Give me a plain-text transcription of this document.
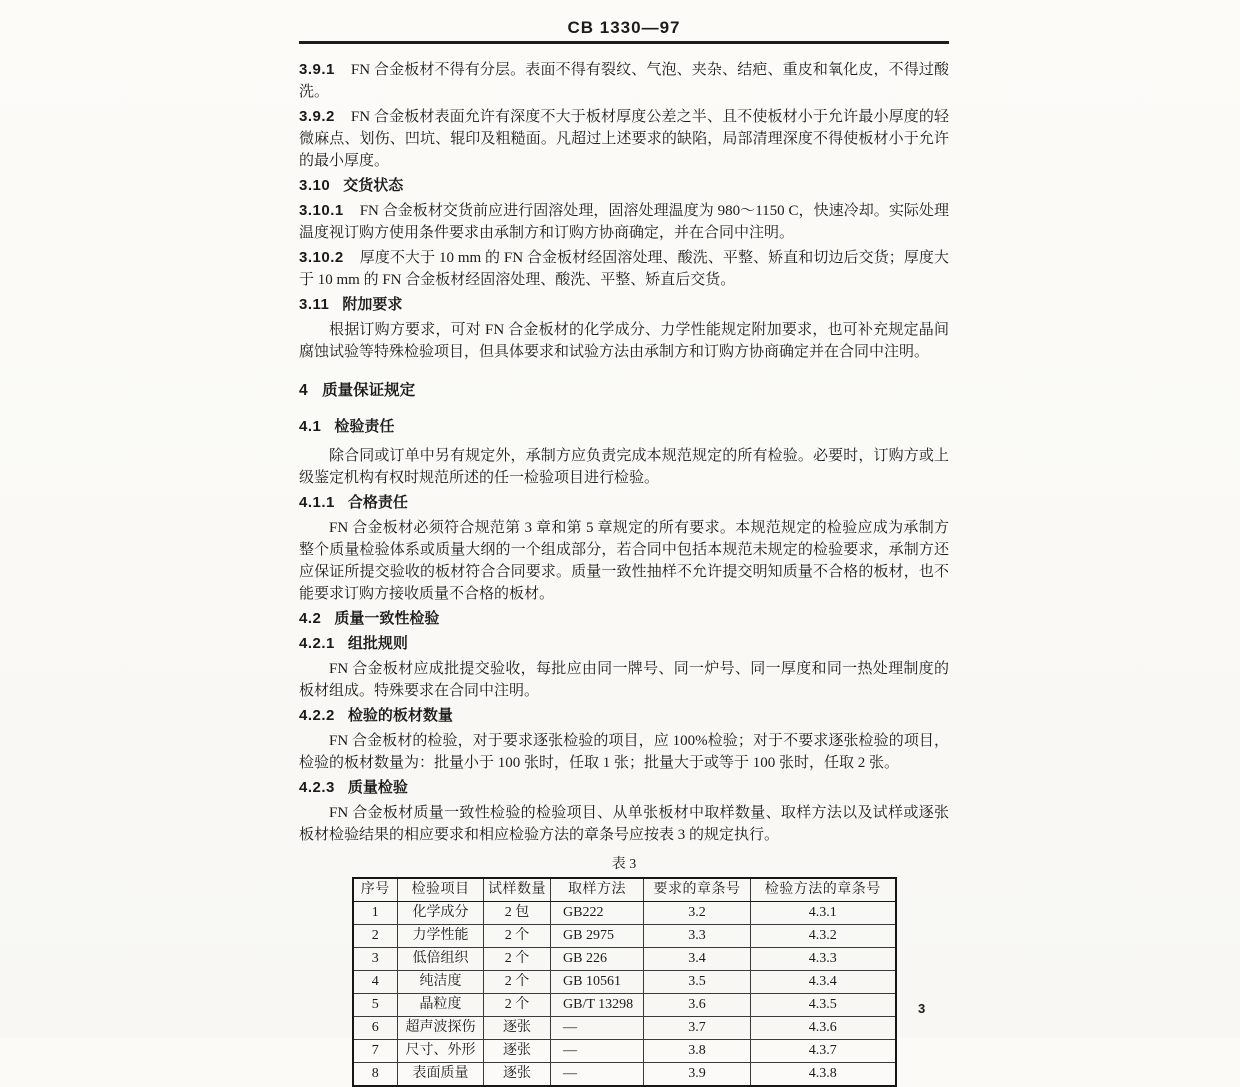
CB 1330—97

3.9.1 FN 合金板材不得有分层。表面不得有裂纹、气泡、夹杂、结疤、重皮和氧化皮，不得过酸洗。

3.9.2 FN 合金板材表面允许有深度不大于板材厚度公差之半、且不使板材小于允许最小厚度的轻微麻点、划伤、凹坑、辊印及粗糙面。凡超过上述要求的缺陷，局部清理深度不得使板材小于允许的最小厚度。

3.10 交货状态

3.10.1 FN 合金板材交货前应进行固溶处理，固溶处理温度为 980～1150 C，快速冷却。实际处理温度视订购方使用条件要求由承制方和订购方协商确定，并在合同中注明。

3.10.2 厚度不大于 10 mm 的 FN 合金板材经固溶处理、酸洗、平整、矫直和切边后交货；厚度大于 10 mm 的 FN 合金板材经固溶处理、酸洗、平整、矫直后交货。

3.11 附加要求

根据订购方要求，可对 FN 合金板材的化学成分、力学性能规定附加要求，也可补充规定晶间腐蚀试验等特殊检验项目，但具体要求和试验方法由承制方和订购方协商确定并在合同中注明。

4 质量保证规定

4.1 检验责任

除合同或订单中另有规定外，承制方应负责完成本规范规定的所有检验。必要时，订购方或上级鉴定机构有权时规范所述的任一检验项目进行检验。

4.1.1 合格责任

FN 合金板材必须符合规范第 3 章和第 5 章规定的所有要求。本规范规定的检验应成为承制方整个质量检验体系或质量大纲的一个组成部分，若合同中包括本规范未规定的检验要求，承制方还应保证所提交验收的板材符合合同要求。质量一致性抽样不允许提交明知质量不合格的板材，也不能要求订购方接收质量不合格的板材。

4.2 质量一致性检验

4.2.1 组批规则

FN 合金板材应成批提交验收，每批应由同一牌号、同一炉号、同一厚度和同一热处理制度的板材组成。特殊要求在合同中注明。

4.2.2 检验的板材数量

FN 合金板材的检验，对于要求逐张检验的项目，应 100%检验；对于不要求逐张检验的项目，检验的板材数量为：批量小于 100 张时，任取 1 张；批量大于或等于 100 张时，任取 2 张。

4.2.3 质量检验

FN 合金板材质量一致性检验的检验项目、从单张板材中取样数量、取样方法以及试样或逐张板材检验结果的相应要求和相应检验方法的章条号应按表 3 的规定执行。

表 3
序号	检验项目	试样数量	取样方法	要求的章条号	检验方法的章条号
1	化学成分	2 包	GB222	3.2	4.3.1
2	力学性能	2 个	GB 2975	3.3	4.3.2
3	低倍组织	2 个	GB 226	3.4	4.3.3
4	纯洁度	2 个	GB 10561	3.5	4.3.4
5	晶粒度	2 个	GB/T 13298	3.6	4.3.5
6	超声波探伤	逐张	—	3.7	4.3.6
7	尺寸、外形	逐张	—	3.8	4.3.7
8	表面质量	逐张	—	3.9	4.3.8
3
